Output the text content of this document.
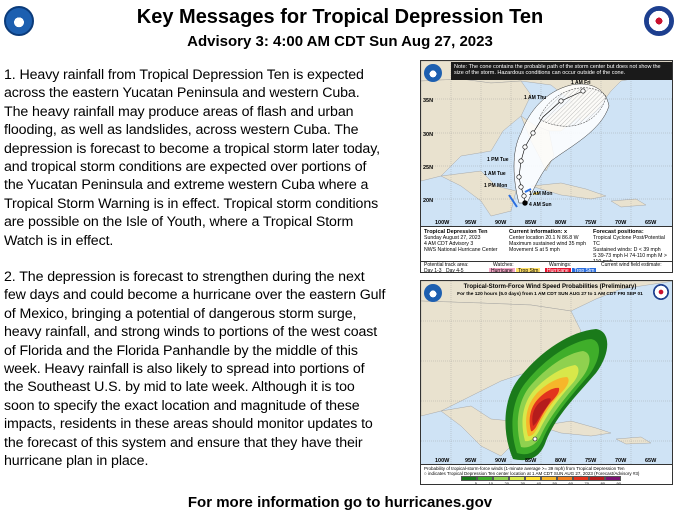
Key Messages for Tropical Depression Ten
Advisory 3: 4:00 AM CDT Sun Aug 27, 2023
1. Heavy rainfall from Tropical Depression Ten is expected across the eastern Yucatan Peninsula and western Cuba. The heavy rainfall may produce areas of flash and urban flooding, as well as landslides, across western Cuba. The depression is forecast to become a tropical storm later today, and tropical storm conditions are expected over portions of the Yucatan Peninsula and extreme western Cuba where a Tropical Storm Warning is in effect. Tropical storm conditions are possible on the Isle of Youth, where a Tropical Storm Watch is in effect.
2. The depression is forecast to strengthen during the next few days and could become a hurricane over the eastern Gulf of Mexico, bringing a potential of dangerous storm surge, heavy rainfall, and strong winds to portions of the west coast of Florida and the Florida Panhandle by the middle of this week. Heavy rainfall is also likely to spread into portions of the Southeast U.S. by mid to late week. Although it is too soon to specify the exact location and magnitude of these impacts, residents in these areas should monitor updates to the forecast of this system and ensure that they have their hurricane plan in place.
1 AM Fri
1 AM Thu
1 PM Tue
1 AM Tue
1 PM Mon
1 AM Mon
4 AM Sun
35N
30N
25N
20N
100W	95W	90W	85W	80W	75W	70W	65W
Note: The cone contains the probable path of the storm center but does not show the size of the storm. Hazardous conditions can occur outside of the cone.
Tropical Depression Ten
Sunday August 27, 2023
4 AM CDT Advisory 3
NWS National Hurricane Center
Current information: x
Center location 20.1 N 86.8 W
Maximum sustained wind 35 mph
Movement S at 5 mph
Forecast positions:
Tropical Cyclone Post/Potential TC
Sustained winds: D < 39 mph
S 39-73 mph H 74-110 mph M >
Potential track area:
Day 1-3 Day 4-5
Watches:
Hurricane	Trop Stm
Warnings:
Hurricane	Trop Stm
Current wind field estimate:
100W	95W	90W	85W	80W	75W	70W	65W
Tropical-Storm-Force Wind Speed Probabilities (Preliminary)
For the 120 hours (5.0 days) from 1 AM CDT SUN AUG 27 to 1 AM CDT FRI SEP 01
Probability of tropical-storm-force winds (1-minute average >= 39 mph) from Tropical Depression Ten
○ indicates Tropical Depression Ten center location at 1 AM CDT SUN AUG 27, 2023 (Forecast/Advisory #3)
5	10	20	30	40	50	60	70	80	90
For more information go to hurricanes.gov
